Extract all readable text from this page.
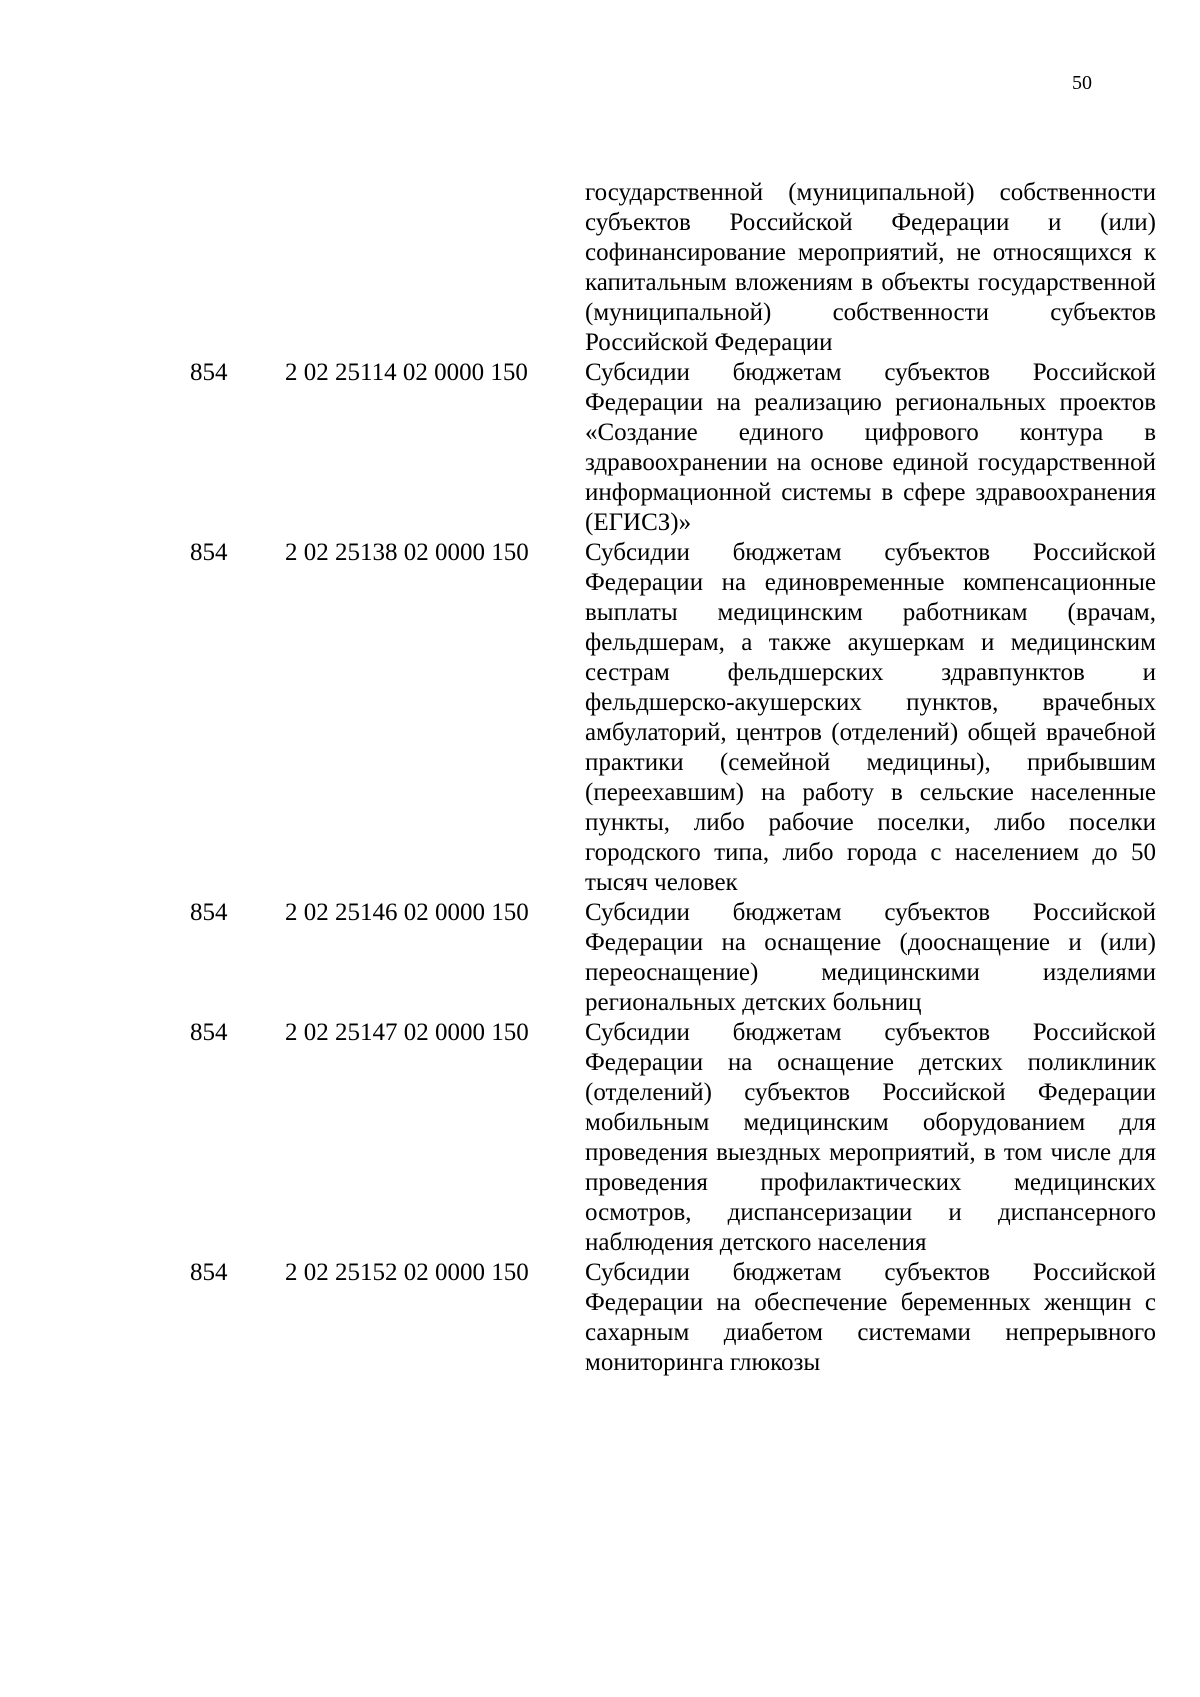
50
государственной (муниципальной) собственности субъектов Российской Федерации и (или) софинансирование мероприятий, не относящихся к капитальным вложениям в объекты государственной (муниципальной) собственности субъектов Российской Федерации
854	2 02 25114 02 0000 150	Субсидии бюджетам субъектов Российской Федерации на реализацию региональных проектов «Создание единого цифрового контура в здравоохранении на основе единой государственной информационной системы в сфере здравоохранения (ЕГИСЗ)»
854	2 02 25138 02 0000 150	Субсидии бюджетам субъектов Российской Федерации на единовременные компенсационные выплаты медицинским работникам (врачам, фельдшерам, а также акушеркам и медицинским сестрам фельдшерских здравпунктов и фельдшерско-акушерских пунктов, врачебных амбулаторий, центров (отделений) общей врачебной практики (семейной медицины), прибывшим (переехавшим) на работу в сельские населенные пункты, либо рабочие поселки, либо поселки городского типа, либо города с населением до 50 тысяч человек
854	2 02 25146 02 0000 150	Субсидии бюджетам субъектов Российской Федерации на оснащение (дооснащение и (или) переоснащение) медицинскими изделиями региональных детских больниц
854	2 02 25147 02 0000 150	Субсидии бюджетам субъектов Российской Федерации на оснащение детских поликлиник (отделений) субъектов Российской Федерации мобильным медицинским оборудованием для проведения выездных мероприятий, в том числе для проведения профилактических медицинских осмотров, диспансеризации и диспансерного наблюдения детского населения
854	2 02 25152 02 0000 150	Субсидии бюджетам субъектов Российской Федерации на обеспечение беременных женщин с сахарным диабетом системами непрерывного мониторинга глюкозы
